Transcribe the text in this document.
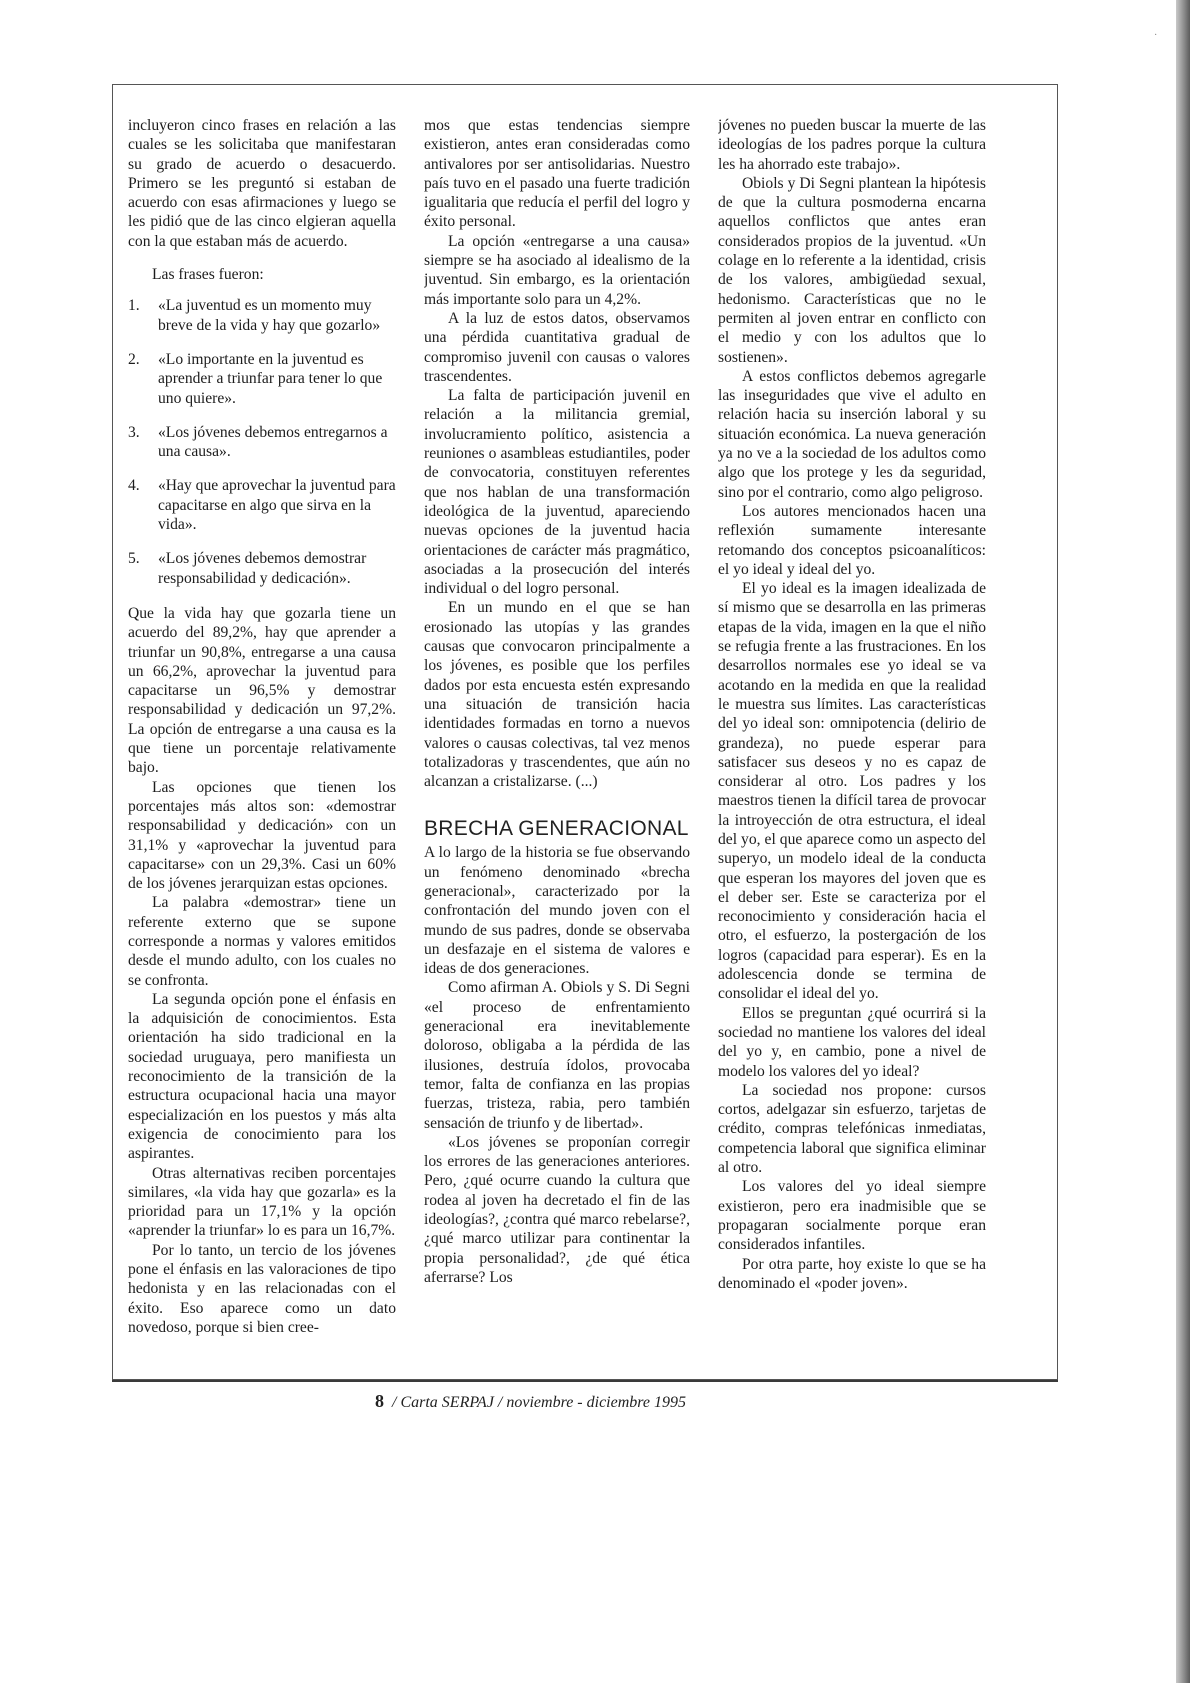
·

incluyeron cinco frases en relación a las cuales se les solicitaba que manifestaran su grado de acuerdo o desacuerdo. Primero se les preguntó si estaban de acuerdo con esas afirmaciones y luego se les pidió que de las cinco elgieran aquella con la que estaban más de acuerdo.

Las frases fueron:

1.	«La juventud es un momento muy breve de la vida y hay que gozarlo»
2.	«Lo importante en la juventud es aprender a triunfar para tener lo que uno quiere».
3.	«Los jóvenes debemos entregarnos a una causa».
4.	«Hay que aprovechar la juventud para capacitarse en algo que sirva en la vida».
5.	«Los jóvenes debemos demostrar responsabilidad y dedicación».

Que la vida hay que gozarla tiene un acuerdo del 89,2%, hay que aprender a triunfar un 90,8%, entregarse a una causa un 66,2%, aprovechar la juventud para capacitarse un 96,5% y demostrar responsabilidad y dedicación un 97,2%. La opción de entregarse a una causa es la que tiene un porcentaje relativamente bajo.

Las opciones que tienen los porcentajes más altos son: «demostrar responsabilidad y dedicación» con un 31,1% y «aprovechar la juventud para capacitarse» con un 29,3%. Casi un 60% de los jóvenes jerarquizan estas opciones.

La palabra «demostrar» tiene un referente externo que se supone corresponde a normas y valores emitidos desde el mundo adulto, con los cuales no se confronta.

La segunda opción pone el énfasis en la adquisición de conocimientos. Esta orientación ha sido tradicional en la sociedad uruguaya, pero manifiesta un reconocimiento de la transición de la estructura ocupacional hacia una mayor especialización en los puestos y más alta exigencia de conocimiento para los aspirantes.

Otras alternativas reciben porcentajes similares, «la vida hay que gozarla» es la prioridad para un 17,1% y la opción «aprender la triunfar» lo es para un 16,7%.

Por lo tanto, un tercio de los jóvenes pone el énfasis en las valoraciones de tipo hedonista y en las relacionadas con el éxito. Eso aparece como un dato novedoso, porque si bien cree-

mos que estas tendencias siempre existieron, antes eran consideradas como antivalores por ser antisolidarias. Nuestro país tuvo en el pasado una fuerte tradición igualitaria que reducía el perfil del logro y éxito personal.

La opción «entregarse a una causa» siempre se ha asociado al idealismo de la juventud. Sin embargo, es la orientación más importante solo para un 4,2%.

A la luz de estos datos, observamos una pérdida cuantitativa gradual de compromiso juvenil con causas o valores trascendentes.

La falta de participación juvenil en relación a la militancia gremial, involucramiento político, asistencia a reuniones o asambleas estudiantiles, poder de convocatoria, constituyen referentes que nos hablan de una transformación ideológica de la juventud, apareciendo nuevas opciones de la juventud hacia orientaciones de carácter más pragmático, asociadas a la prosecución del interés individual o del logro personal.

En un mundo en el que se han erosionado las utopías y las grandes causas que convocaron principalmente a los jóvenes, es posible que los perfiles dados por esta encuesta estén expresando una situación de transición hacia identidades formadas en torno a nuevos valores o causas colectivas, tal vez menos totalizadoras y trascendentes, que aún no alcanzan a cristalizarse. (...)

BRECHA GENERACIONAL

A lo largo de la historia se fue observando un fenómeno denominado «brecha generacional», caracterizado por la confrontación del mundo joven con el mundo de sus padres, donde se observaba un desfazaje en el sistema de valores e ideas de dos generaciones.

Como afirman A. Obiols y S. Di Segni «el proceso de enfrentamiento generacional era inevitablemente doloroso, obligaba a la pérdida de las ilusiones, destruía ídolos, provocaba temor, falta de confianza en las propias fuerzas, tristeza, rabia, pero también sensación de triunfo y de libertad».

«Los jóvenes se proponían corregir los errores de las generaciones anteriores. Pero, ¿qué ocurre cuando la cultura que rodea al joven ha decretado el fin de las ideologías?, ¿contra qué marco rebelarse?, ¿qué marco utilizar para continentar la propia personalidad?, ¿de qué ética aferrarse? Los

jóvenes no pueden buscar la muerte de las ideologías de los padres porque la cultura les ha ahorrado este trabajo».

Obiols y Di Segni plantean la hipótesis de que la cultura posmoderna encarna aquellos conflictos que antes eran considerados propios de la juventud. «Un colage en lo referente a la identidad, crisis de los valores, ambigüedad sexual, hedonismo. Características que no le permiten al joven entrar en conflicto con el medio y con los adultos que lo sostienen».

A estos conflictos debemos agregarle las inseguridades que vive el adulto en relación hacia su inserción laboral y su situación económica. La nueva generación ya no ve a la sociedad de los adultos como algo que los protege y les da seguridad, sino por el contrario, como algo peligroso.

Los autores mencionados hacen una reflexión sumamente interesante retomando dos conceptos psicoanalíticos: el yo ideal y ideal del yo.

El yo ideal es la imagen idealizada de sí mismo que se desarrolla en las primeras etapas de la vida, imagen en la que el niño se refugia frente a las frustraciones. En los desarrollos normales ese yo ideal se va acotando en la medida en que la realidad le muestra sus límites. Las características del yo ideal son: omnipotencia (delirio de grandeza), no puede esperar para satisfacer sus deseos y no es capaz de considerar al otro. Los padres y los maestros tienen la difícil tarea de provocar la introyección de otra estructura, el ideal del yo, el que aparece como un aspecto del superyo, un modelo ideal de la conducta que esperan los mayores del joven que es el deber ser. Este se caracteriza por el reconocimiento y consideración hacia el otro, el esfuerzo, la postergación de los logros (capacidad para esperar). Es en la adolescencia donde se termina de consolidar el ideal del yo.

Ellos se preguntan ¿qué ocurrirá si la sociedad no mantiene los valores del ideal del yo y, en cambio, pone a nivel de modelo los valores del yo ideal?

La sociedad nos propone: cursos cortos, adelgazar sin esfuerzo, tarjetas de crédito, compras telefónicas inmediatas, competencia laboral que significa eliminar al otro.

Los valores del yo ideal siempre existieron, pero era inadmisible que se propagaran socialmente porque eran considerados infantiles.

Por otra parte, hoy existe lo que se ha denominado el «poder joven».

8 / Carta SERPAJ / noviembre - diciembre 1995
